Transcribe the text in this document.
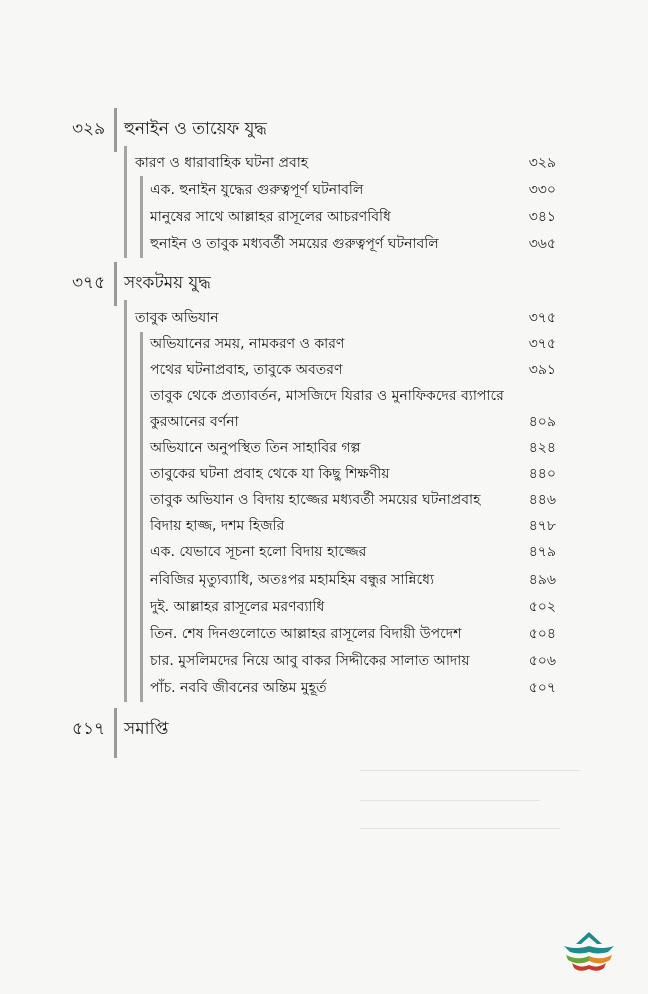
৩২৯ হুনাইন ও তায়েফ যুদ্ধ
কারণ ও ধারাবাহিক ঘটনা প্রবাহ	৩২৯
এক. হুনাইন যুদ্ধের গুরুত্বপূর্ণ ঘটনাবলি	৩৩০
মানুষের সাথে আল্লাহর রাসূলের আচরণবিধি	৩৪১
হুনাইন ও তাবুক মধ্যবর্তী সময়ের গুরুত্বপূর্ণ ঘটনাবলি	৩৬৫
৩৭৫ সংকটময় যুদ্ধ
তাবুক অভিযান	৩৭৫
অভিযানের সময়, নামকরণ ও কারণ	৩৭৫
পথের ঘটনাপ্রবাহ, তাবুকে অবতরণ	৩৯১
তাবুক থেকে প্রত্যাবর্তন, মাসজিদে যিরার ও মুনাফিকদের ব্যাপারে
কুরআনের বর্ণনা	৪০৯
অভিযানে অনুপস্থিত তিন সাহাবির গল্প	৪২৪
তাবুকের ঘটনা প্রবাহ থেকে যা কিছু শিক্ষণীয়	৪৪০
তাবুক অভিযান ও বিদায় হাজ্জের মধ্যবর্তী সময়ের ঘটনাপ্রবাহ	৪৪৬
বিদায় হাজ্জ, দশম হিজরি	৪৭৮
এক. যেভাবে সূচনা হলো বিদায় হাজ্জের	৪৭৯
নবিজির মৃত্যুব্যাধি, অতঃপর মহামহিম বন্ধুর সান্নিধ্যে	৪৯৬
দুই. আল্লাহর রাসূলের মরণব্যাধি	৫০২
তিন. শেষ দিনগুলোতে আল্লাহর রাসূলের বিদায়ী উপদেশ	৫০৪
চার. মুসলিমদের নিয়ে আবু বাকর সিদ্দীকের সালাত আদায়	৫০৬
পাঁচ. নববি জীবনের অন্তিম মুহূর্ত	৫০৭
৫১৭ সমাপ্তি
